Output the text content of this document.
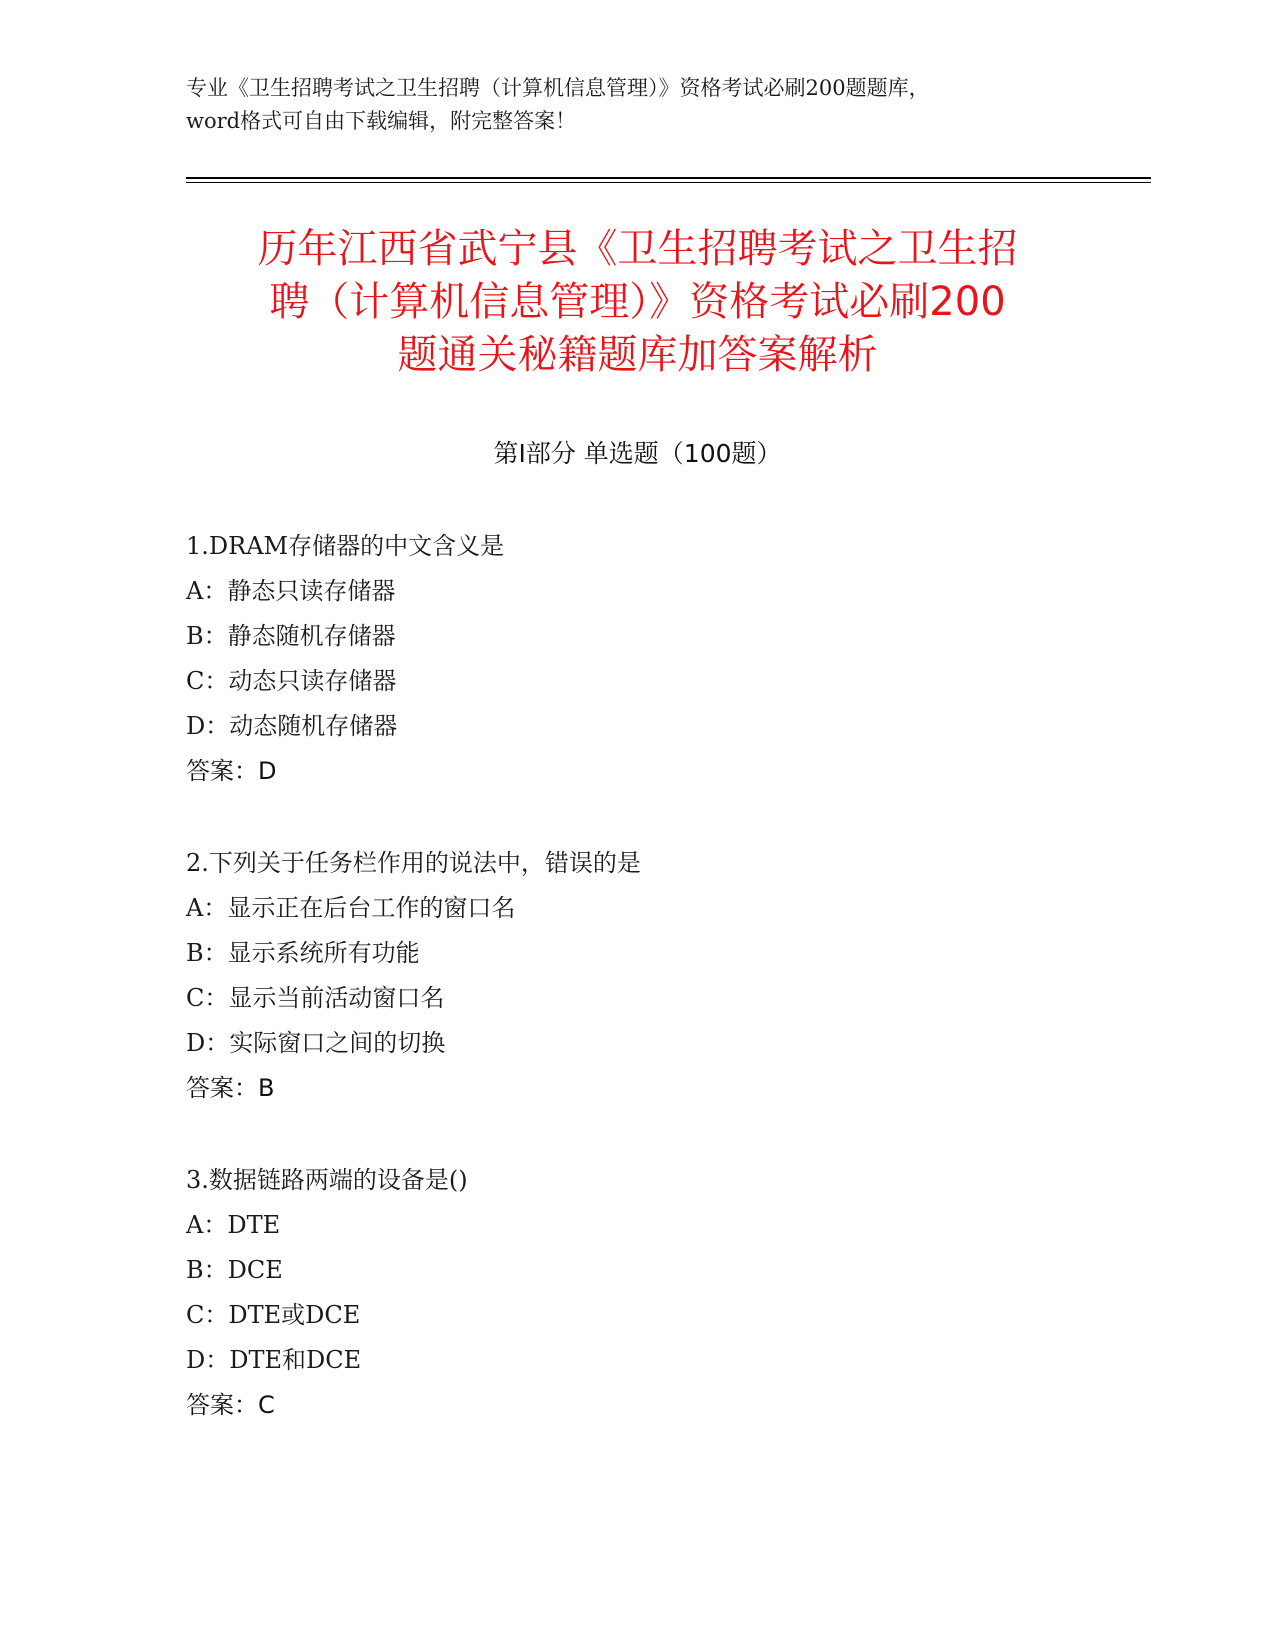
专业《卫生招聘考试之卫生招聘（计算机信息管理）》资格考试必刷200题题库，
word格式可自由下载编辑，附完整答案！
历年江西省武宁县《卫生招聘考试之卫生招
聘（计算机信息管理）》资格考试必刷200
题通关秘籍题库加答案解析
第Ⅰ部分 单选题（100题）
1.DRAM存储器的中文含义是
A：静态只读存储器
B：静态随机存储器
C：动态只读存储器
D：动态随机存储器
答案：D
2.下列关于任务栏作用的说法中，错误的是
A：显示正在后台工作的窗口名
B：显示系统所有功能
C：显示当前活动窗口名
D：实际窗口之间的切换
答案：B
3.数据链路两端的设备是()
A：DTE
B：DCE
C：DTE或DCE
D：DTE和DCE
答案：C
